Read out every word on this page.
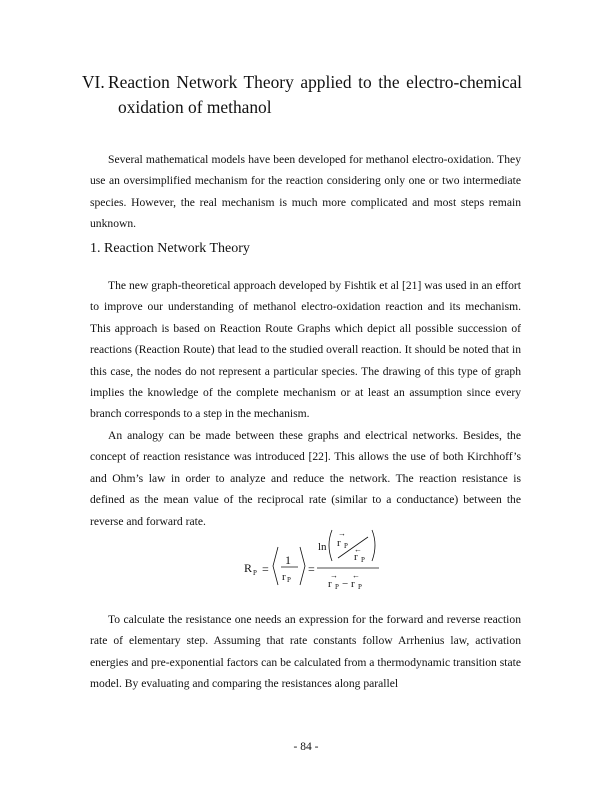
VI. Reaction Network Theory applied to the electro-chemical
oxidation of methanol

Several mathematical models have been developed for methanol electro-oxidation. They use an oversimplified mechanism for the reaction considering only one or two intermediate species. However, the real mechanism is much more complicated and most steps remain unknown.

1. Reaction Network Theory

The new graph-theoretical approach developed by Fishtik et al [21] was used in an effort to improve our understanding of methanol electro-oxidation reaction and its mechanism. This approach is based on Reaction Route Graphs which depict all possible succession of reactions (Reaction Route) that lead to the studied overall reaction. It should be noted that in this case, the nodes do not represent a particular species. The drawing of this type of graph implies the knowledge of the complete mechanism or at least an assumption since every branch corresponds to a step in the mechanism.

An analogy can be made between these graphs and electrical networks. Besides, the concept of reaction resistance was introduced [22]. This allows the use of both Kirchhoff’s and Ohm’s law in order to analyze and reduce the network. The reaction resistance is defined as the mean value of the reciprocal rate (similar to a conductance) between the reverse and forward rate.

R P =
1
r P
=
ln
→
r P ←
r P
→
r P −
←
r P

To calculate the resistance one needs an expression for the forward and reverse reaction rate of elementary step. Assuming that rate constants follow Arrhenius law, activation energies and pre-exponential factors can be calculated from a thermodynamic transition state model. By evaluating and comparing the resistances along parallel

- 84 -
